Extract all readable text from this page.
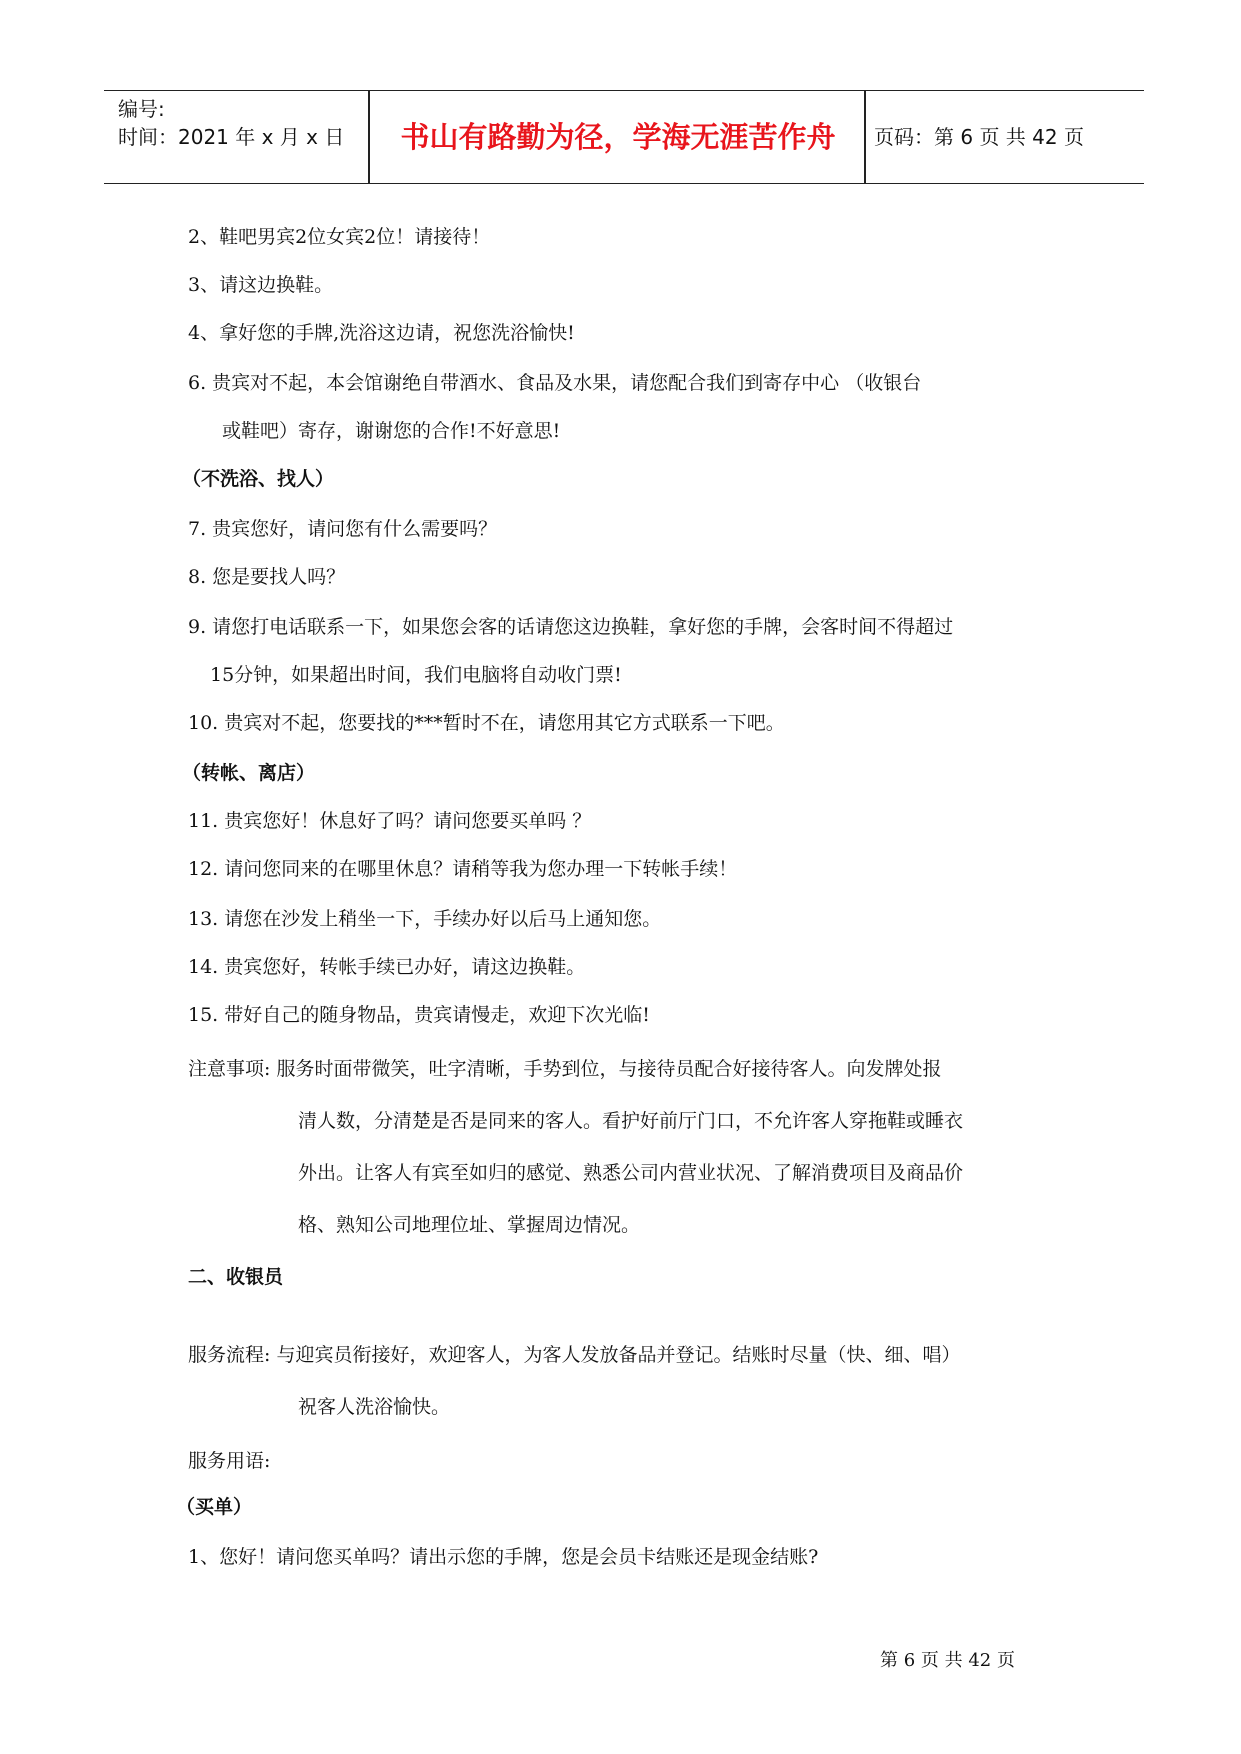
编号:
时间：2021 年 x 月 x 日	书山有路勤为径，学海无涯苦作舟	页码：第 6 页 共 42 页
2、鞋吧男宾2位女宾2位！请接待！
3、请这边换鞋。
4、拿好您的手牌,洗浴这边请，祝您洗浴愉快!
6. 贵宾对不起，本会馆谢绝自带酒水、食品及水果，请您配合我们到寄存中心 （收银台
或鞋吧）寄存，谢谢您的合作!不好意思!
（不洗浴、找人）
7. 贵宾您好，请问您有什么需要吗？
8. 您是要找人吗？
9. 请您打电话联系一下，如果您会客的话请您这边换鞋，拿好您的手牌，会客时间不得超过
15分钟，如果超出时间，我们电脑将自动收门票!
10. 贵宾对不起，您要找的***暂时不在，请您用其它方式联系一下吧。
（转帐、离店）
11. 贵宾您好！休息好了吗？请问您要买单吗 ？
12. 请问您同来的在哪里休息？请稍等我为您办理一下转帐手续！
13. 请您在沙发上稍坐一下，手续办好以后马上通知您。
14. 贵宾您好，转帐手续已办好，请这边换鞋。
15. 带好自己的随身物品，贵宾请慢走，欢迎下次光临!
注意事项: 服务时面带微笑，吐字清晰，手势到位，与接待员配合好接待客人。向发牌处报
清人数，分清楚是否是同来的客人。看护好前厅门口，不允许客人穿拖鞋或睡衣
外出。让客人有宾至如归的感觉、熟悉公司内营业状况、了解消费项目及商品价
格、熟知公司地理位址、掌握周边情况。
二、收银员
服务流程: 与迎宾员衔接好，欢迎客人，为客人发放备品并登记。结账时尽量（快、细、唱）
祝客人洗浴愉快。
服务用语:
（买单）
1、您好！请问您买单吗？请出示您的手牌，您是会员卡结账还是现金结账?
第 6 页 共 42 页
